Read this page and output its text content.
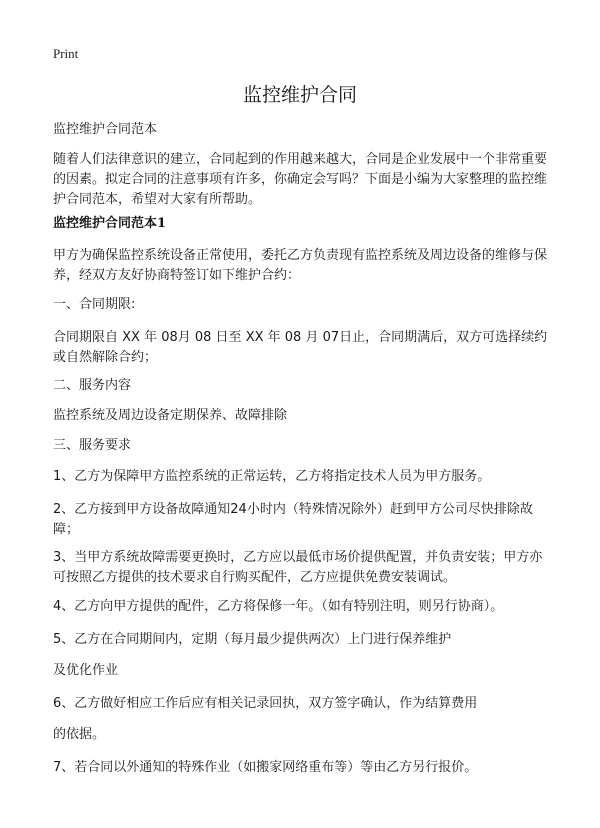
Print
监控维护合同

监控维护合同范本

随着人们法律意识的建立，合同起到的作用越来越大，合同是企业发展中一个非常重要的因素。拟定合同的注意事项有许多，你确定会写吗？下面是小编为大家整理的监控维护合同范本，希望对大家有所帮助。

监控维护合同范本1

甲方为确保监控系统设备正常使用，委托乙方负责现有监控系统及周边设备的维修与保养，经双方友好协商特签订如下维护合约：

一、合同期限:

合同期限自 XX 年 08月 08 日至 XX 年 08 月 07日止，合同期满后，双方可选择续约或自然解除合约；

二、服务内容

监控系统及周边设备定期保养、故障排除

三、服务要求

1、乙方为保障甲方监控系统的正常运转，乙方将指定技术人员为甲方服务。

2、乙方接到甲方设备故障通知24小时内（特殊情况除外）赶到甲方公司尽快排除故障；

3、当甲方系统故障需要更换时，乙方应以最低市场价提供配置，并负责安装；甲方亦可按照乙方提供的技术要求自行购买配件，乙方应提供免费安装调试。

4、乙方向甲方提供的配件，乙方将保修一年。（如有特别注明，则另行协商）。

5、乙方在合同期间内，定期（每月最少提供两次）上门进行保养维护

及优化作业

6、乙方做好相应工作后应有相关记录回执，双方签字确认，作为结算费用

的依据。

7、若合同以外通知的特殊作业（如搬家网络重布等）等由乙方另行报价。
